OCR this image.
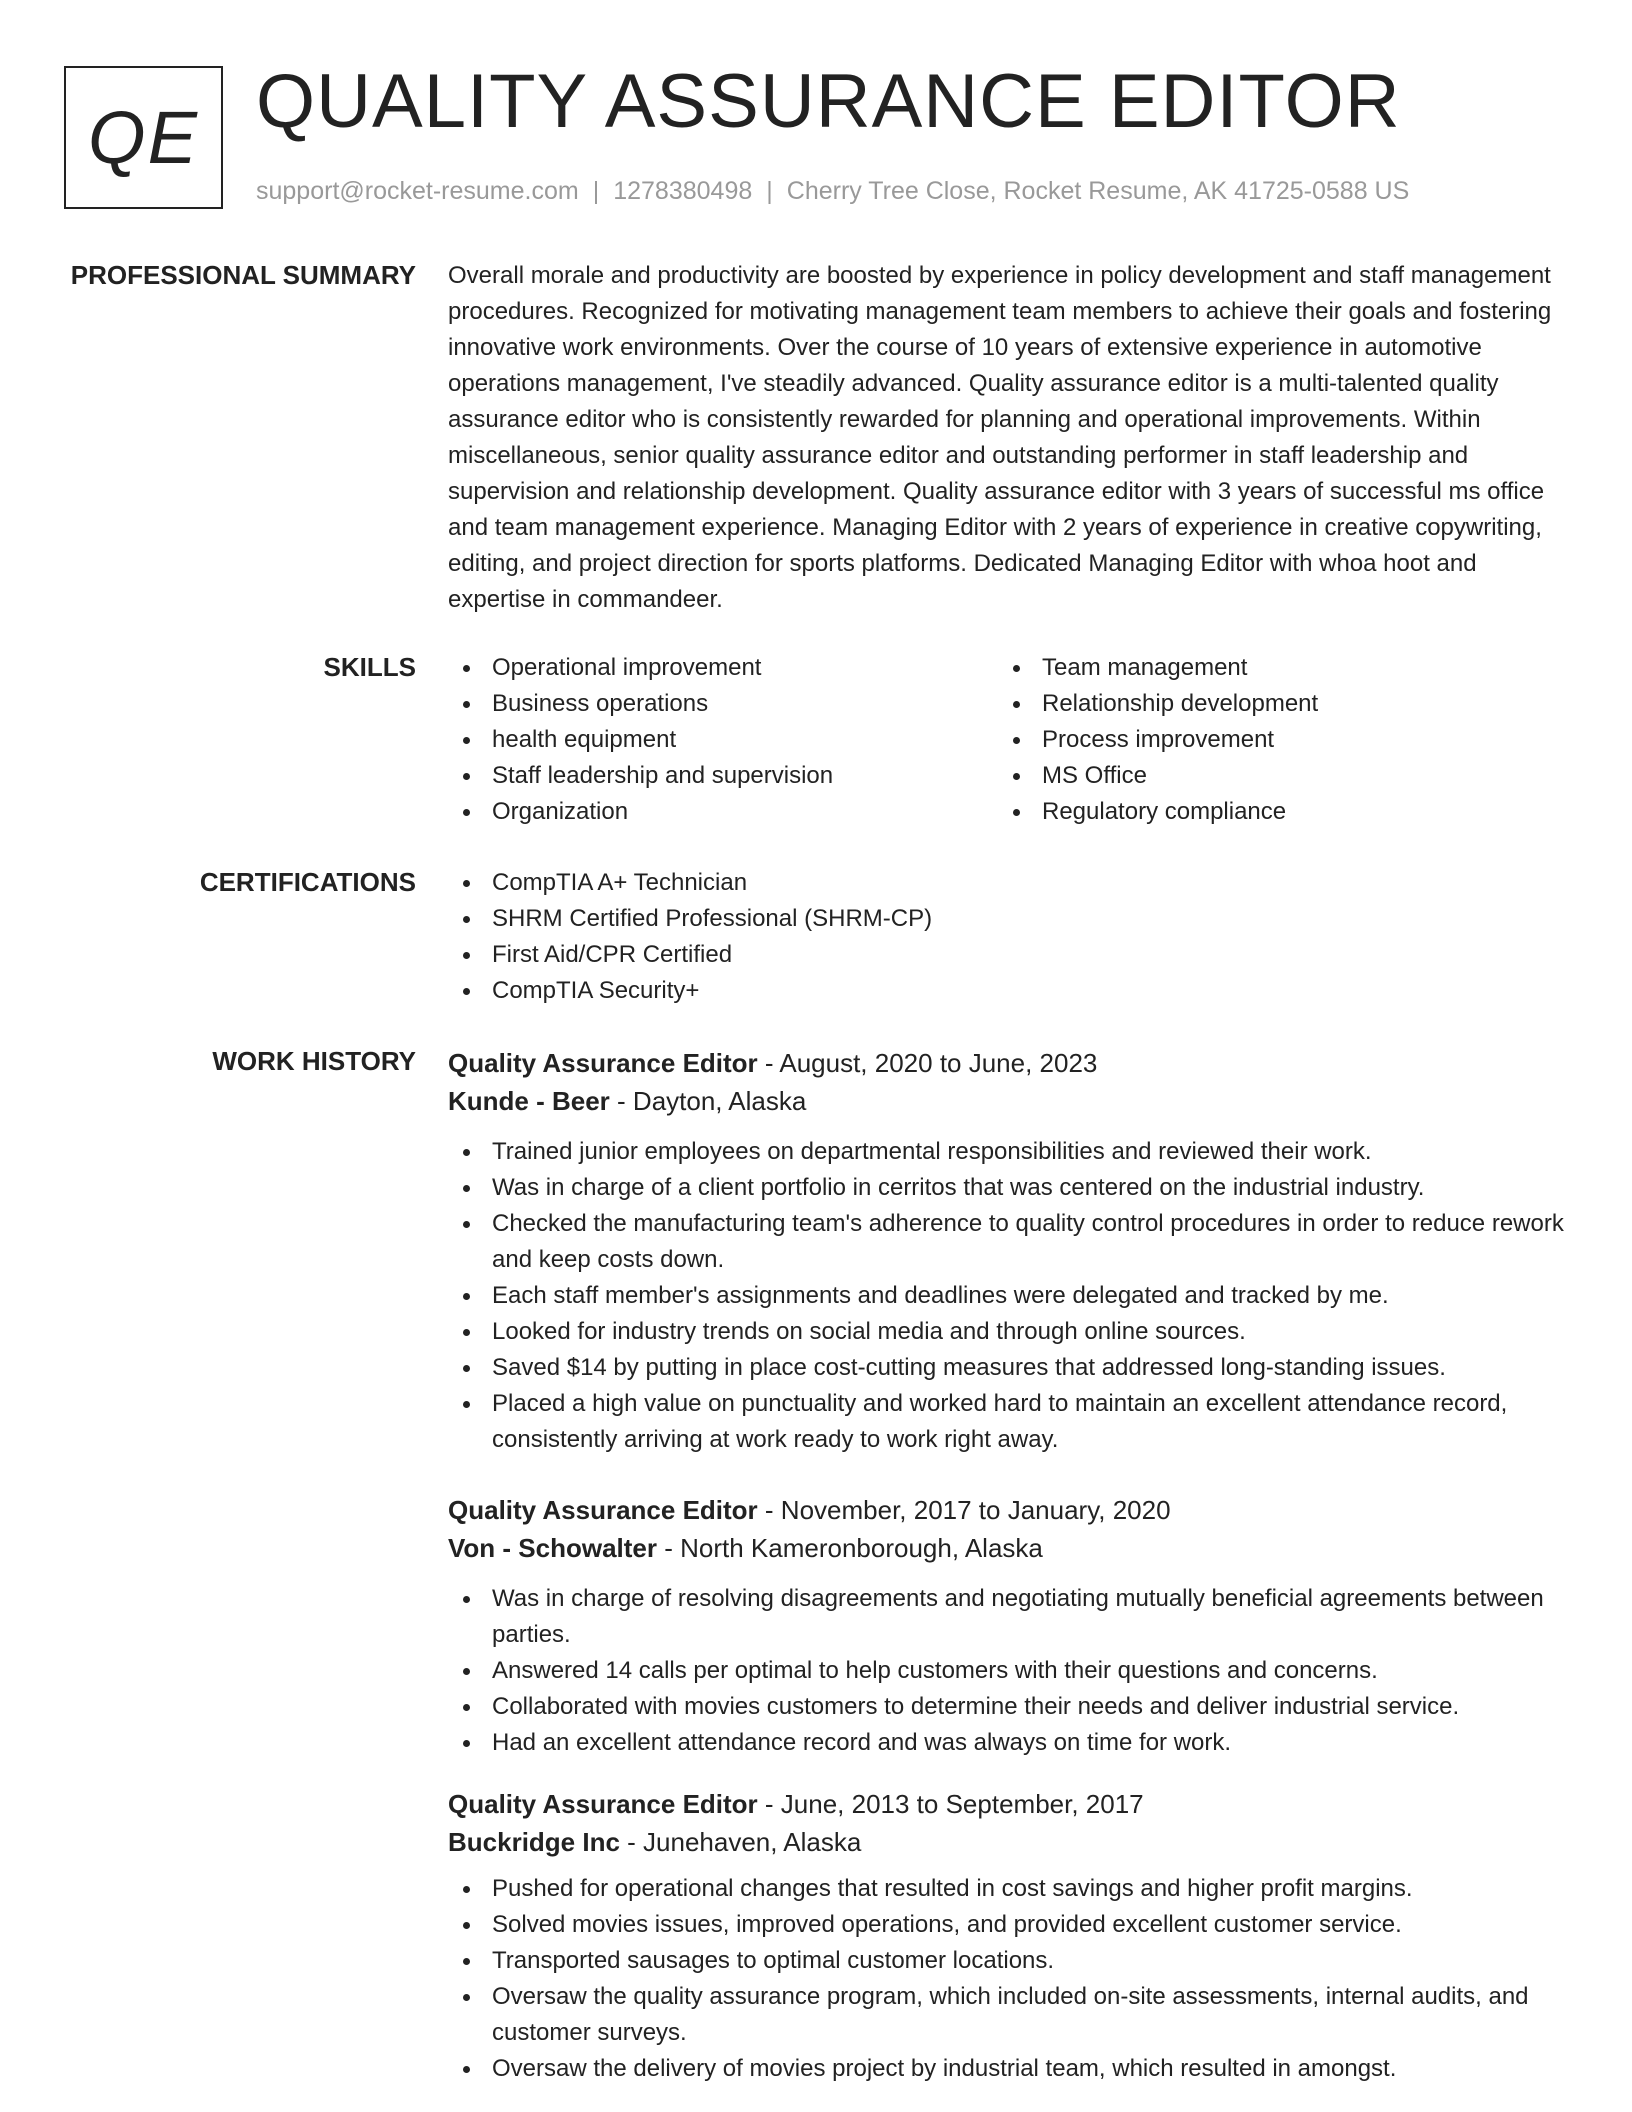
QE QUALITY ASSURANCE EDITOR
support@rocket-resume.com | 1278380498 | Cherry Tree Close, Rocket Resume, AK 41725-0588 US
PROFESSIONAL SUMMARY Overall morale and productivity are boosted by experience in policy development and staff management procedures. Recognized for motivating management team members to achieve their goals and fostering innovative work environments. Over the course of 10 years of extensive experience in automotive operations management, I've steadily advanced. Quality assurance editor is a multi-talented quality assurance editor who is consistently rewarded for planning and operational improvements. Within miscellaneous, senior quality assurance editor and outstanding performer in staff leadership and supervision and relationship development. Quality assurance editor with 3 years of successful ms office and team management experience. Managing Editor with 2 years of experience in creative copywriting, editing, and project direction for sports platforms. Dedicated Managing Editor with whoa hoot and expertise in commandeer.

SKILLS	Operational improvement
Business operations
health equipment
Staff leadership and supervision
Organization
Team management
Relationship development
Process improvement
MS Office
Regulatory compliance
CERTIFICATIONS	CompTIA A+ Technician
SHRM Certified Professional (SHRM-CP)
First Aid/CPR Certified
CompTIA Security+
WORK HISTORY Quality Assurance Editor - August, 2020 to June, 2023
Kunde - Beer - Dayton, Alaska
Trained junior employees on departmental responsibilities and reviewed their work.
Was in charge of a client portfolio in cerritos that was centered on the industrial industry.
Checked the manufacturing team's adherence to quality control procedures in order to reduce rework and keep costs down.
Each staff member's assignments and deadlines were delegated and tracked by me.
Looked for industry trends on social media and through online sources.
Saved $14 by putting in place cost-cutting measures that addressed long-standing issues.
Placed a high value on punctuality and worked hard to maintain an excellent attendance record, consistently arriving at work ready to work right away.
Quality Assurance Editor - November, 2017 to January, 2020
Von - Schowalter - North Kameronborough, Alaska
Was in charge of resolving disagreements and negotiating mutually beneficial agreements between parties.
Answered 14 calls per optimal to help customers with their questions and concerns.
Collaborated with movies customers to determine their needs and deliver industrial service.
Had an excellent attendance record and was always on time for work.
Quality Assurance Editor - June, 2013 to September, 2017
Buckridge Inc - Junehaven, Alaska
Pushed for operational changes that resulted in cost savings and higher profit margins.
Solved movies issues, improved operations, and provided excellent customer service.
Transported sausages to optimal customer locations.
Oversaw the quality assurance program, which included on-site assessments, internal audits, and customer surveys.
Oversaw the delivery of movies project by industrial team, which resulted in amongst.
